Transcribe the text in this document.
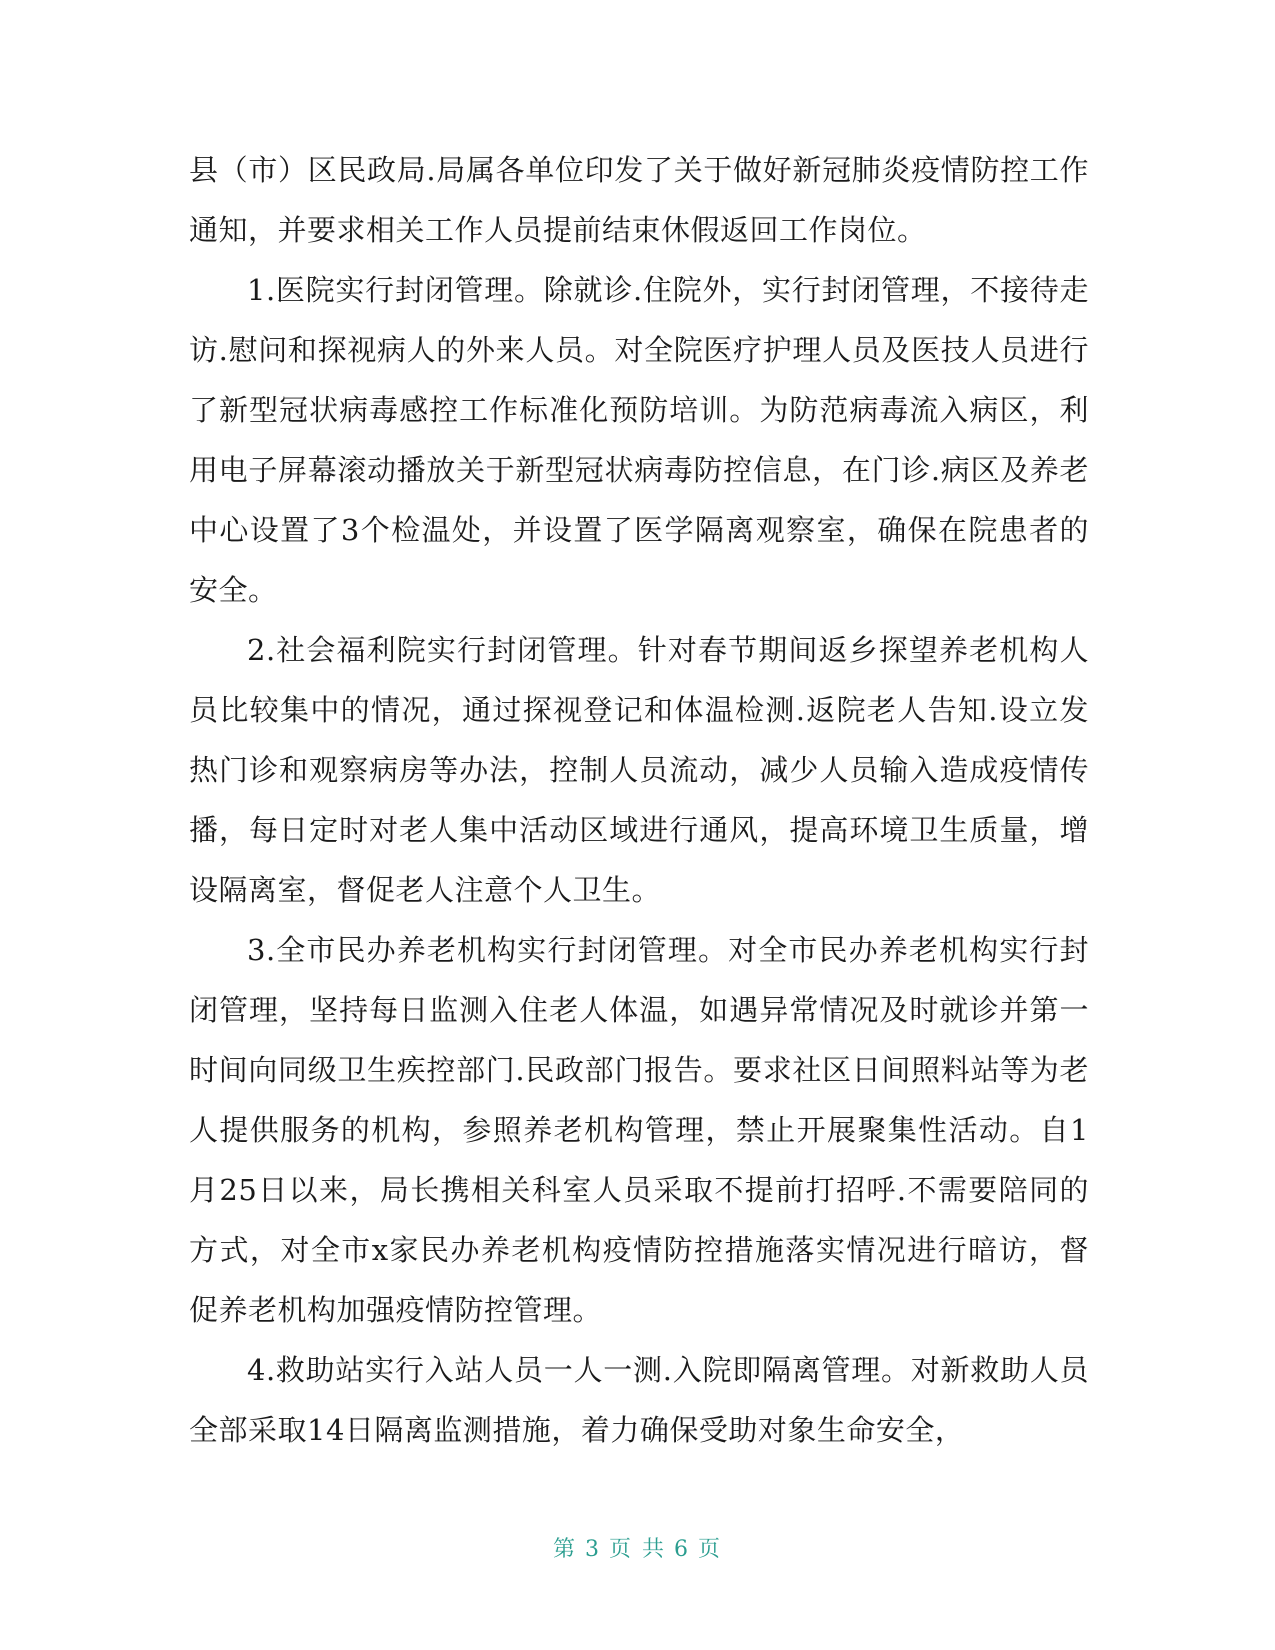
县（市）区民政局.局属各单位印发了关于做好新冠肺炎疫情防控工作通知，并要求相关工作人员提前结束休假返回工作岗位。

1.医院实行封闭管理。除就诊.住院外，实行封闭管理，不接待走访.慰问和探视病人的外来人员。对全院医疗护理人员及医技人员进行了新型冠状病毒感控工作标准化预防培训。为防范病毒流入病区，利用电子屏幕滚动播放关于新型冠状病毒防控信息，在门诊.病区及养老中心设置了3个检温处，并设置了医学隔离观察室，确保在院患者的安全。

2.社会福利院实行封闭管理。针对春节期间返乡探望养老机构人员比较集中的情况，通过探视登记和体温检测.返院老人告知.设立发热门诊和观察病房等办法，控制人员流动，减少人员输入造成疫情传播，每日定时对老人集中活动区域进行通风，提高环境卫生质量，增设隔离室，督促老人注意个人卫生。

3.全市民办养老机构实行封闭管理。对全市民办养老机构实行封闭管理，坚持每日监测入住老人体温，如遇异常情况及时就诊并第一时间向同级卫生疾控部门.民政部门报告。要求社区日间照料站等为老人提供服务的机构，参照养老机构管理，禁止开展聚集性活动。自1月25日以来，局长携相关科室人员采取不提前打招呼.不需要陪同的方式，对全市x家民办养老机构疫情防控措施落实情况进行暗访，督促养老机构加强疫情防控管理。

4.救助站实行入站人员一人一测.入院即隔离管理。对新救助人员全部采取14日隔离监测措施，着力确保受助对象生命安全，

第 3 页 共 6 页
